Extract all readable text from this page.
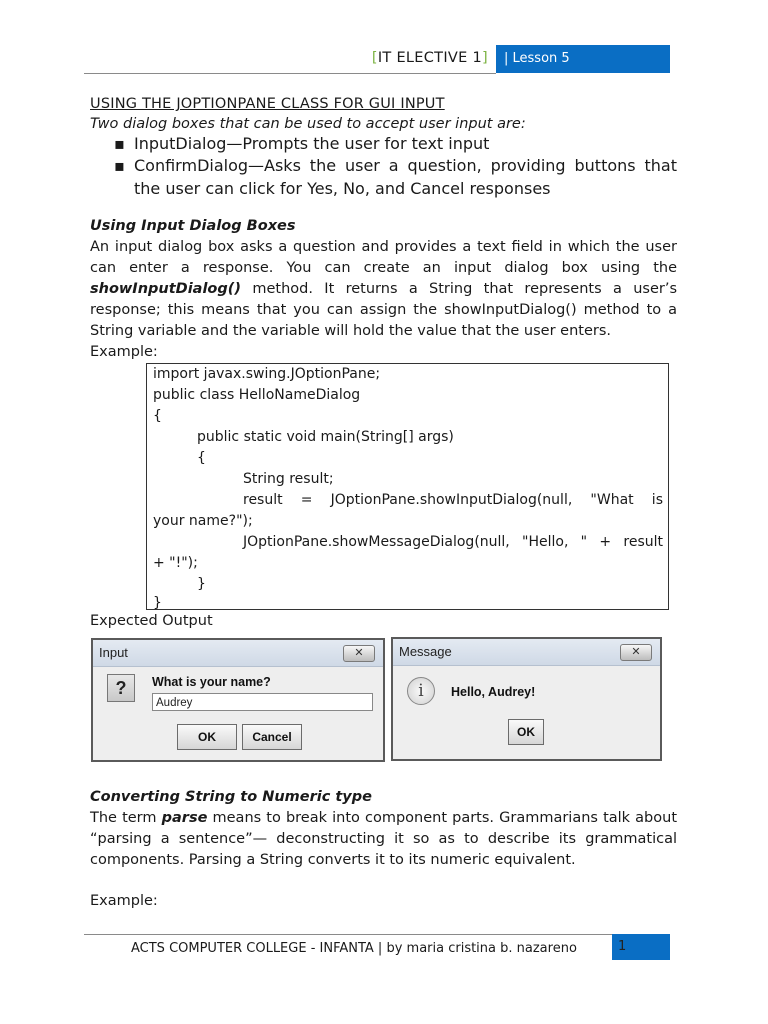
[IT ELECTIVE 1]	| Lesson 5
USING THE JOPTIONPANE CLASS FOR GUI INPUT
Two dialog boxes that can be used to accept user input are:
▪ InputDialog—Prompts the user for text input
▪ ConfirmDialog—Asks the user a question, providing buttons that the user can click for Yes, No, and Cancel responses
Using Input Dialog Boxes
An input dialog box asks a question and provides a text field in which the user can enter a response. You can create an input dialog box using the showInputDialog() method. It returns a String that represents a user’s response; this means that you can assign the showInputDialog() method to a String variable and the variable will hold the value that the user enters.
Example:
import javax.swing.JOptionPane;
public class HelloNameDialog
{
public static void main(String[] args)
{
String result;
result = JOptionPane.showInputDialog(null, "What is
your name?");
JOptionPane.showMessageDialog(null, "Hello, " + result
+ "!");
}
}
Expected Output
Input	✕
?	What is your name?
Audrey
OK	Cancel
Message	✕
i	Hello, Audrey!
OK
Converting String to Numeric type
The term parse means to break into component parts. Grammarians talk about “parsing a sentence”— deconstructing it so as to describe its grammatical components. Parsing a String converts it to its numeric equivalent.
Example:
ACTS COMPUTER COLLEGE - INFANTA | by maria cristina b. nazareno	1
